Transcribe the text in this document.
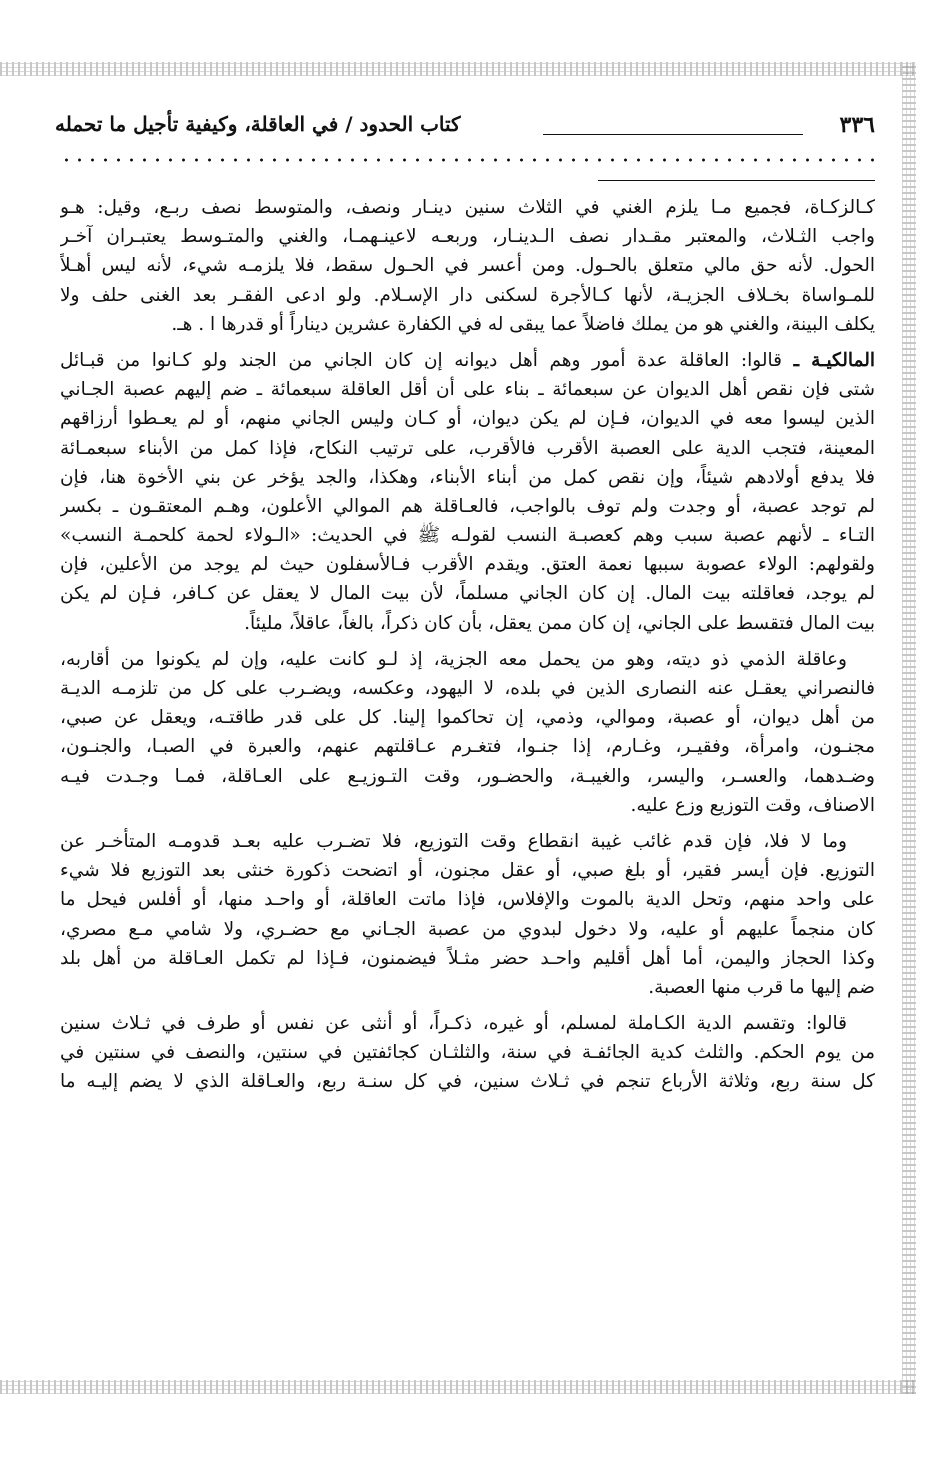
٣٣٦
كتاب الحدود / في العاقلة، وكيفية تأجيل ما تحمله
كـالزكـاة، فجميع مـا يلزم الغني في الثلاث سنين دينـار ونصف، والمتوسط نصف ربـع، وقيل: هـو
واجب الثـلاث، والمعتبر مقـدار نصف الـدينـار، وربعـه لاعينـهمـا، والغني والمتـوسط يعتبـران آخـر
الحول. لأنه حق مالي متعلق بالحـول. ومن أعسر في الحـول سقط، فلا يلزمـه شيء، لأنه ليس أهـلاً
للمـواساة بخـلاف الجزيـة، لأنها كـالأجرة لسكنى دار الإسـلام. ولو ادعى الفقـر بعد الغنى حلف ولا
يكلف البينة، والغني هو من يملك فاضلاً عما يبقى له في الكفارة عشرين ديناراً أو قدرها ا . هـ.
المالكيـة ـ قالوا: العاقلة عدة أمور وهم أهل ديوانه إن كان الجاني من الجند ولو كـانوا من قبـائل
شتى فإن نقص أهل الديوان عن سبعمائة ـ بناء على أن أقل العاقلة سبعمائة ـ ضم إليهم عصبة الجـاني
الذين ليسوا معه في الديوان، فـإن لم يكن ديوان، أو كـان وليس الجاني منهم، أو لم يعـطوا أرزاقهم
المعينة، فتجب الدية على العصبة الأقرب فالأقرب، على ترتيب النكاح، فإذا كمل من الأبناء سبعمـائة
فلا يدفع أولادهم شيئاً، وإن نقص كمل من أبناء الأبناء، وهكذا، والجد يؤخر عن بني الأخوة هنا، فإن
لم توجد عصبة، أو وجدت ولم توف بالواجب، فالعـاقلة هم الموالي الأعلون، وهـم المعتقـون ـ بكسر
التـاء ـ لأنهم عصبة سبب وهم كعصبـة النسب لقولـه ﷺ في الحديث: «الـولاء لحمة كلحمـة النسب»
ولقولهم: الولاء عصوبة سببها نعمة العتق. ويقدم الأقرب فـالأسفلون حيث لم يوجد من الأعلين، فإن
لم يوجد، فعاقلته بيت المال. إن كان الجاني مسلماً، لأن بيت المال لا يعقل عن كـافر، فـإن لم يكن
بيت المال فتقسط على الجاني، إن كان ممن يعقل، بأن كان ذكراً، بالغاً، عاقلاً، مليئاً.
وعاقلة الذمي ذو ديته، وهو من يحمل معه الجزية، إذ لـو كانت عليه، وإن لم يكونوا من أقاربه،
فالنصراني يعقـل عنه النصارى الذين في بلده، لا اليهود، وعكسه، ويضـرب على كل من تلزمـه الديـة
من أهل ديوان، أو عصبة، وموالي، وذمي، إن تحاكموا إلينا. كل على قدر طاقتـه، ويعقل عن صبي،
مجنـون، وامرأة، وفقيـر، وغـارم، إذا جنـوا، فتغـرم عـاقلتهم عنهم، والعبرة في الصبـا، والجنـون،
وضـدهما، والعسـر، واليسر، والغيبـة، والحضـور، وقت التـوزيـع على العـاقلة، فمـا وجـدت فيـه
الاصناف، وقت التوزيع وزع عليه.
وما لا فلا، فإن قدم غائب غيبة انقطاع وقت التوزيع، فلا تضـرب عليه بعـد قدومـه المتأخـر عن
التوزيع. فإن أيسر فقير، أو بلغ صبي، أو عقل مجنون، أو اتضحت ذكورة خنثى بعد التوزيع فلا شيء
على واحد منهم، وتحل الدية بالموت والإفلاس، فإذا ماتت العاقلة، أو واحـد منها، أو أفلس فيحل ما
كان منجماً عليهم أو عليه، ولا دخول لبدوي من عصبة الجـاني مع حضـري، ولا شامي مـع مصري،
وكذا الحجاز واليمن، أما أهل أقليم واحـد حضر مثـلاً فيضمنون، فـإذا لم تكمل العـاقلة من أهل بلد
ضم إليها ما قرب منها العصبة.
قالوا: وتقسم الدية الكـاملة لمسلم، أو غيره، ذكـراً، أو أنثى عن نفس أو طرف في ثـلاث سنين
من يوم الحكم. والثلث كدية الجائفـة في سنة، والثلثـان كجائفتين في سنتين، والنصف في سنتين في
كل سنة ربع، وثلاثة الأرباع تنجم في ثـلاث سنين، في كل سنـة ربع، والعـاقلة الذي لا يضم إليـه ما
